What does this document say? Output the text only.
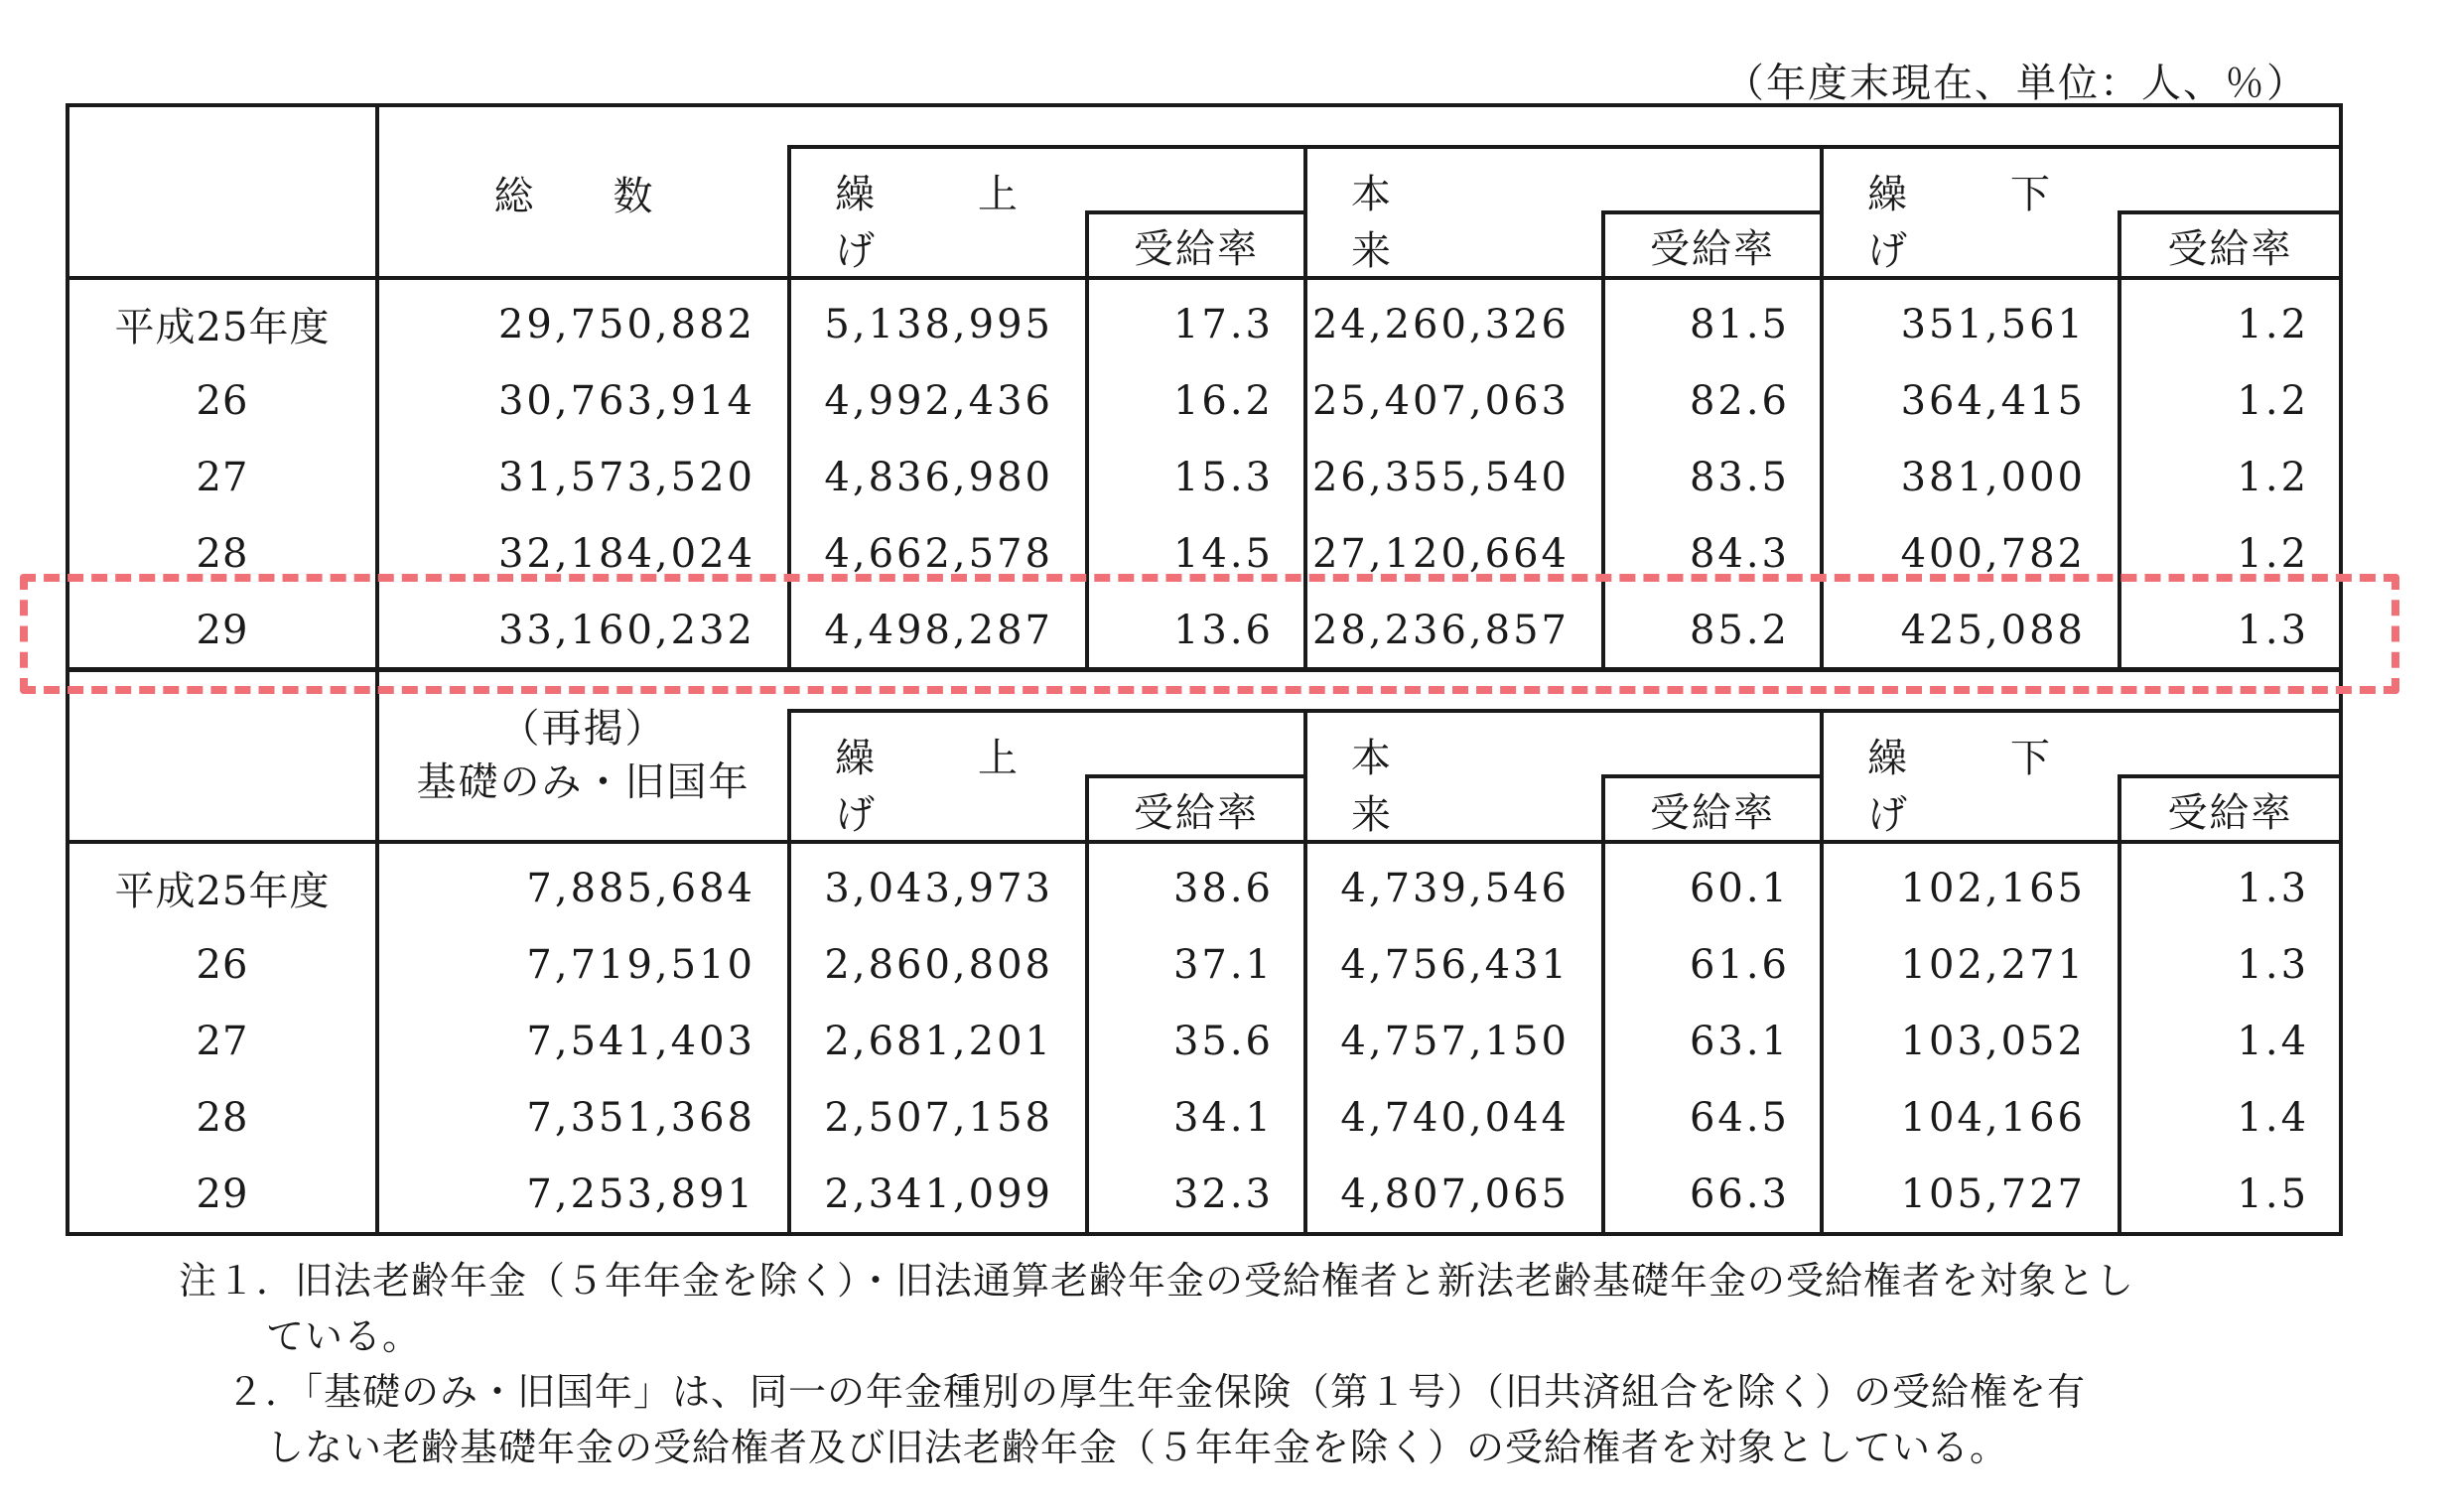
（年度末現在、単位：人、％）
	総　数						
		繰　上　げ		本　　来		繰　下　げ	
			受給率		受給率		受給率
平成25年度	29,750,882	5,138,995	17.3	24,260,326	81.5	351,561	1.2
26	30,763,914	4,992,436	16.2	25,407,063	82.6	364,415	1.2
27	31,573,520	4,836,980	15.3	26,355,540	83.5	381,000	1.2
28	32,184,024	4,662,578	14.5	27,120,664	84.3	400,782	1.2
29	33,160,232	4,498,287	13.6	28,236,857	85.2	425,088	1.3

	（再掲）
基礎のみ・旧国年						

		繰　上　げ		本　　来		繰　下　げ	
			受給率		受給率		受給率
平成25年度	7,885,684	3,043,973	38.6	4,739,546	60.1	102,165	1.3
26	7,719,510	2,860,808	37.1	4,756,431	61.6	102,271	1.3
27	7,541,403	2,681,201	35.6	4,757,150	63.1	103,052	1.4
28	7,351,368	2,507,158	34.1	4,740,044	64.5	104,166	1.4
29	7,253,891	2,341,099	32.3	4,807,065	66.3	105,727	1.5
注１．旧法老齢年金（５年年金を除く）・旧法通算老齢年金の受給権者と新法老齢基礎年金の受給権者を対象とし
ている。
２．「基礎のみ・旧国年」は、同一の年金種別の厚生年金保険（第１号）（旧共済組合を除く）の受給権を有
しない老齢基礎年金の受給権者及び旧法老齢年金（５年年金を除く）の受給権者を対象としている。
